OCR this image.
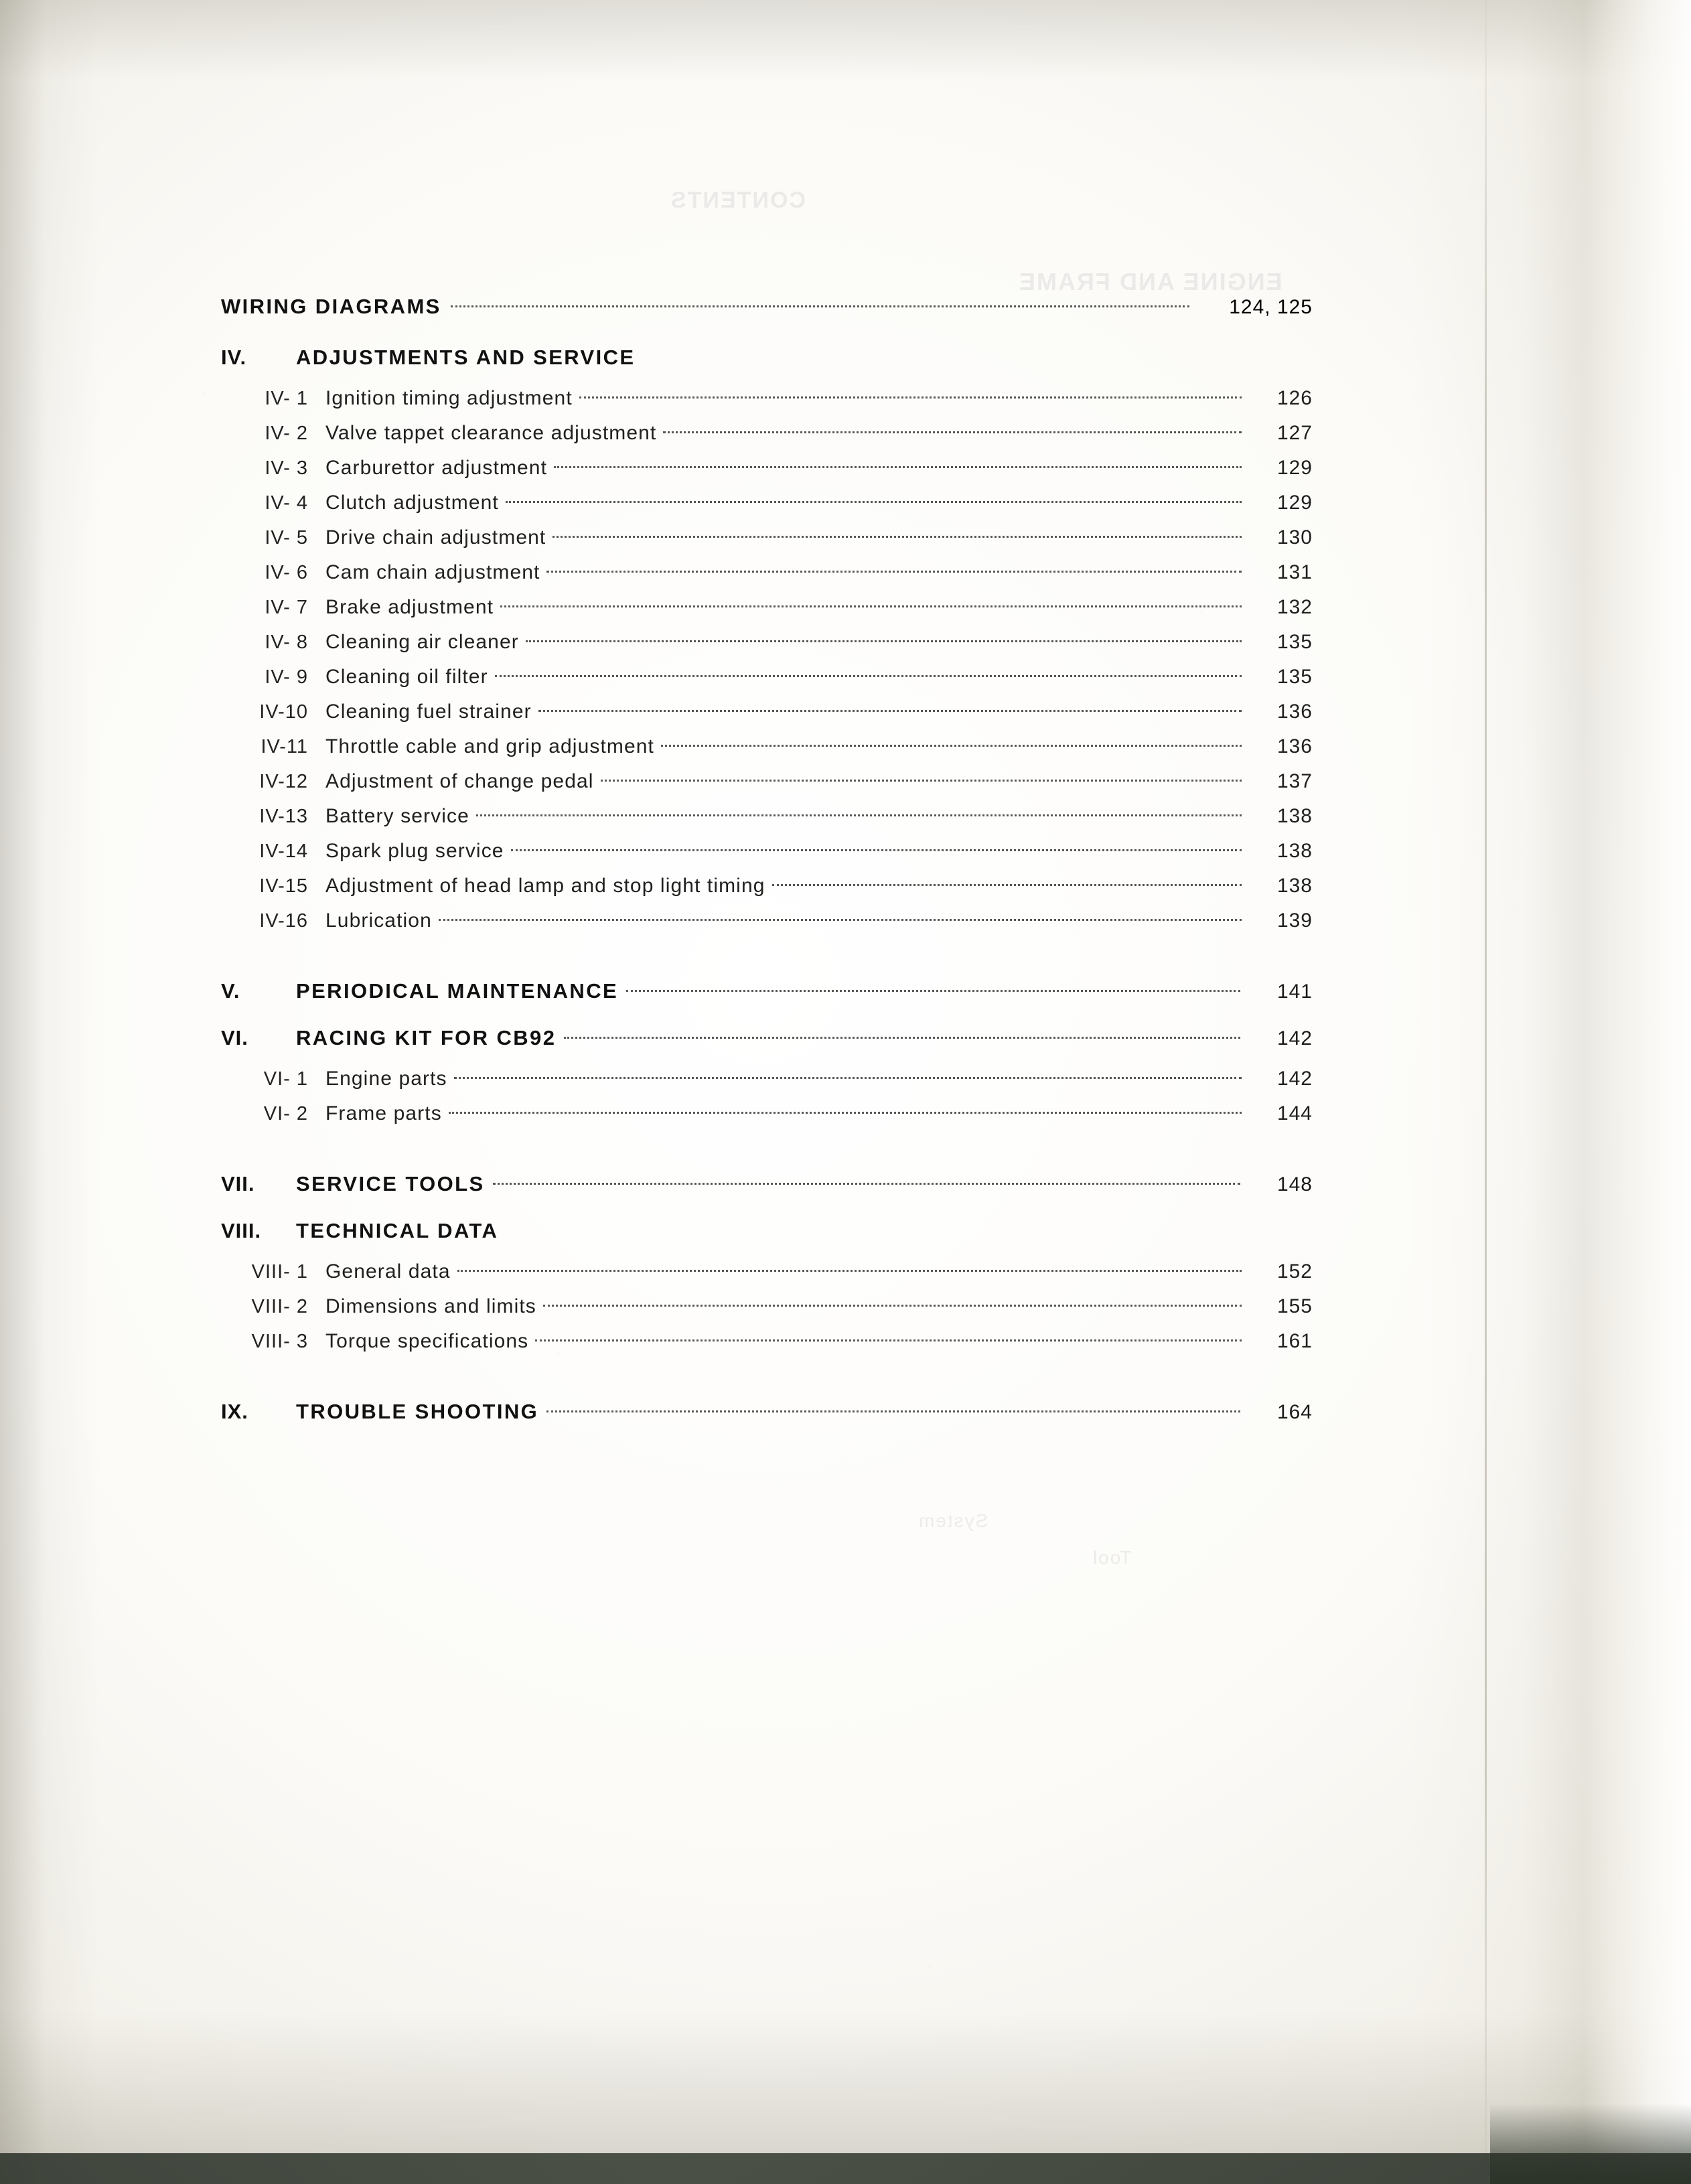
WIRING DIAGRAMS	124, 125
IV.	ADJUSTMENTS AND SERVICE
IV- 1 Ignition timing adjustment	126
IV- 2 Valve tappet clearance adjustment	127
IV- 3 Carburettor adjustment	129
IV- 4 Clutch adjustment	129
IV- 5 Drive chain adjustment	130
IV- 6 Cam chain adjustment	131
IV- 7 Brake adjustment	132
IV- 8 Cleaning air cleaner	135
IV- 9 Cleaning oil filter	135
IV-10 Cleaning fuel strainer	136
IV-11 Throttle cable and grip adjustment	136
IV-12 Adjustment of change pedal	137
IV-13 Battery service	138
IV-14 Spark plug service	138
IV-15 Adjustment of head lamp and stop light timing	138
IV-16 Lubrication	139
V.	PERIODICAL MAINTENANCE	141
VI.	RACING KIT FOR CB92	142
VI- 1 Engine parts	142
VI- 2 Frame parts	144
VII.	SERVICE TOOLS	148
VIII.	TECHNICAL DATA
VIII- 1 General data	152
VIII- 2 Dimensions and limits	155
VIII- 3 Torque specifications	161
IX.	TROUBLE SHOOTING	164
